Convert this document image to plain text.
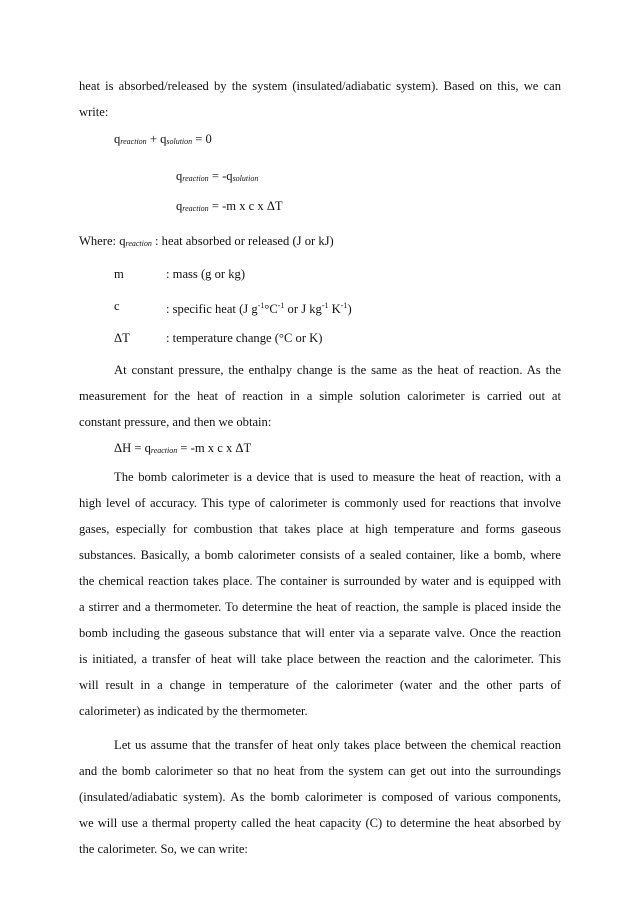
heat is absorbed/released by the system (insulated/adiabatic system). Based on this, we can
write:
qreaction + qsolution = 0
qreaction = -qsolution
qreaction = -m x c x ΔT
Where: qreaction : heat absorbed or released (J or kJ)
m	: mass (g or kg)
c	: specific heat (J $g^{-1}^\circ C^{-1}$ or J $kg^{-1}$ $K^{-1}$)
ΔT	: temperature change (°C or K)
At constant pressure, the enthalpy change is the same as the heat of reaction. As the
measurement for the heat of reaction in a simple solution calorimeter is carried out at
constant pressure, and then we obtain:
ΔH = qreaction = -m x c x ΔT
The bomb calorimeter is a device that is used to measure the heat of reaction, with a
high level of accuracy. This type of calorimeter is commonly used for reactions that involve
gases, especially for combustion that takes place at high temperature and forms gaseous
substances. Basically, a bomb calorimeter consists of a sealed container, like a bomb, where
the chemical reaction takes place. The container is surrounded by water and is equipped with
a stirrer and a thermometer. To determine the heat of reaction, the sample is placed inside the
bomb including the gaseous substance that will enter via a separate valve. Once the reaction
is initiated, a transfer of heat will take place between the reaction and the calorimeter. This
will result in a change in temperature of the calorimeter (water and the other parts of
calorimeter) as indicated by the thermometer.
Let us assume that the transfer of heat only takes place between the chemical reaction
and the bomb calorimeter so that no heat from the system can get out into the surroundings
(insulated/adiabatic system). As the bomb calorimeter is composed of various components,
we will use a thermal property called the heat capacity (C) to determine the heat absorbed by
the calorimeter. So, we can write:
